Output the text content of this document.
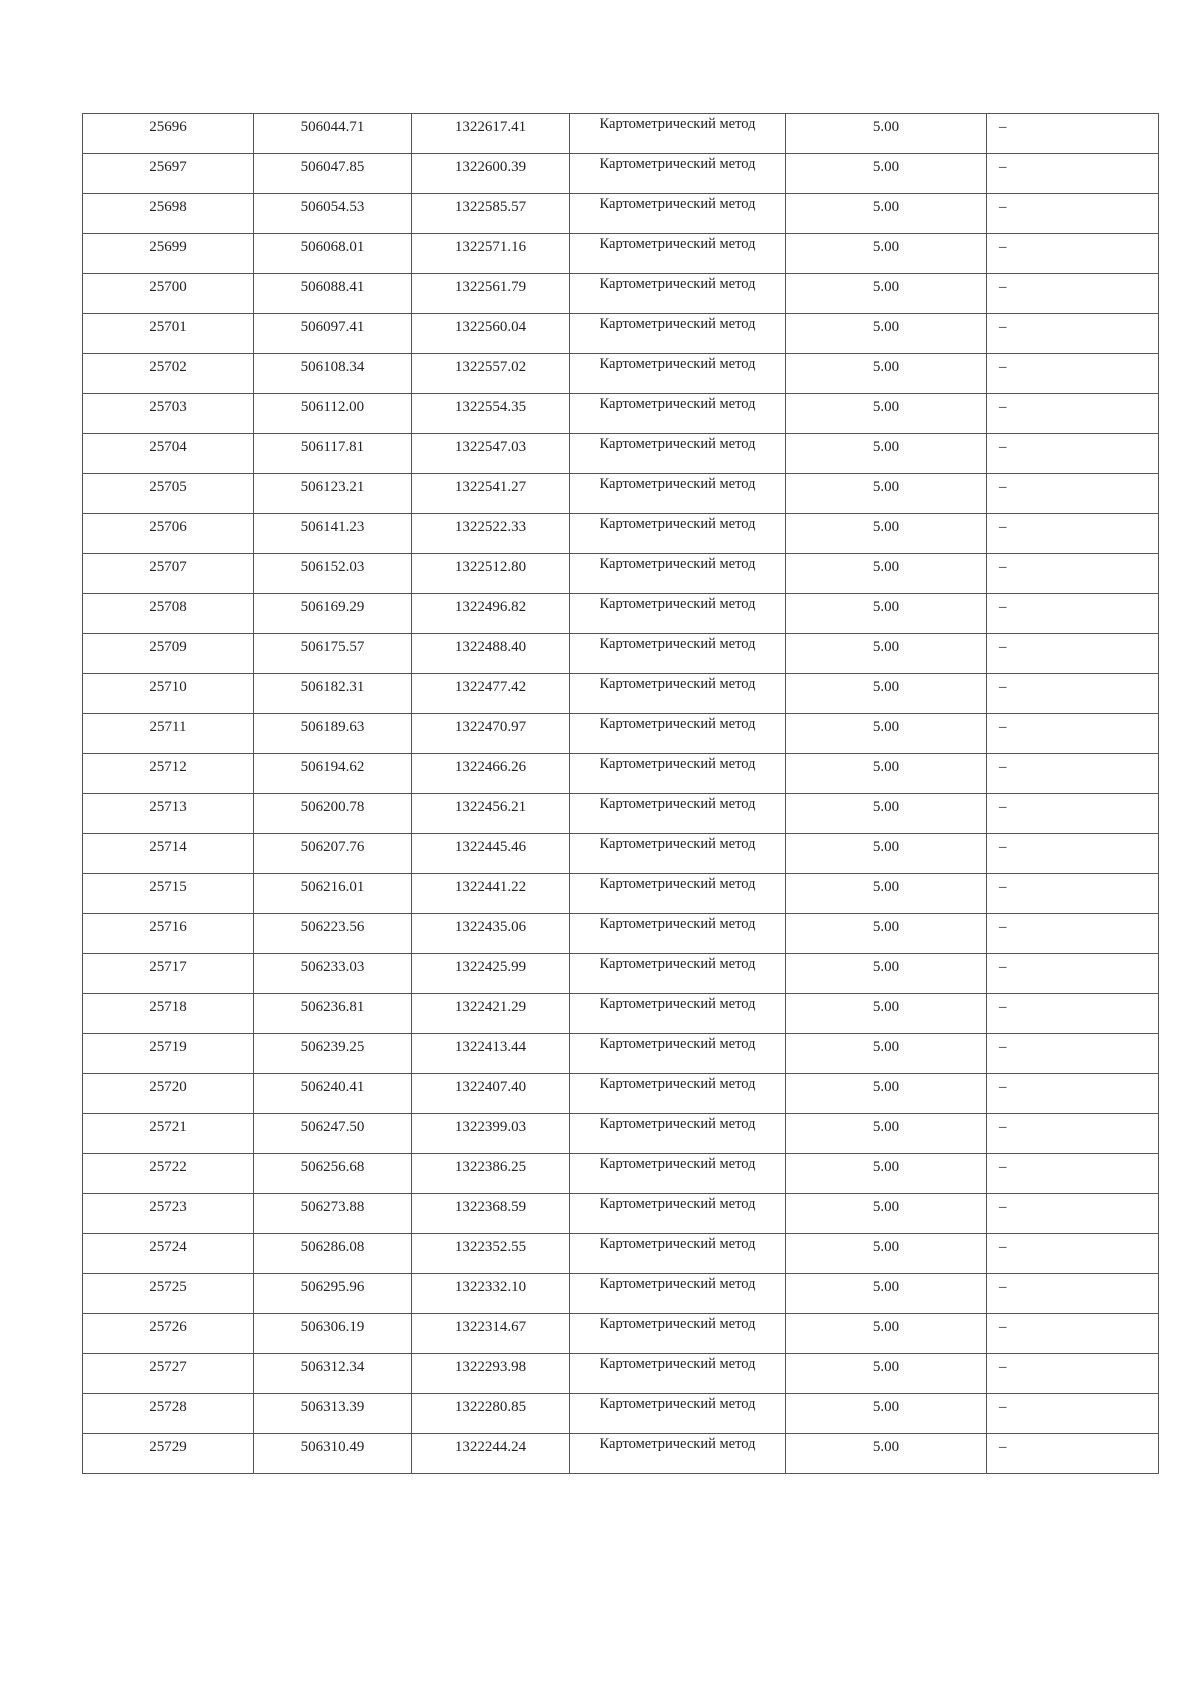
25696	506044.71	1322617.41	Картометрический метод	5.00	–
25697	506047.85	1322600.39	Картометрический метод	5.00	–
25698	506054.53	1322585.57	Картометрический метод	5.00	–
25699	506068.01	1322571.16	Картометрический метод	5.00	–
25700	506088.41	1322561.79	Картометрический метод	5.00	–
25701	506097.41	1322560.04	Картометрический метод	5.00	–
25702	506108.34	1322557.02	Картометрический метод	5.00	–
25703	506112.00	1322554.35	Картометрический метод	5.00	–
25704	506117.81	1322547.03	Картометрический метод	5.00	–
25705	506123.21	1322541.27	Картометрический метод	5.00	–
25706	506141.23	1322522.33	Картометрический метод	5.00	–
25707	506152.03	1322512.80	Картометрический метод	5.00	–
25708	506169.29	1322496.82	Картометрический метод	5.00	–
25709	506175.57	1322488.40	Картометрический метод	5.00	–
25710	506182.31	1322477.42	Картометрический метод	5.00	–
25711	506189.63	1322470.97	Картометрический метод	5.00	–
25712	506194.62	1322466.26	Картометрический метод	5.00	–
25713	506200.78	1322456.21	Картометрический метод	5.00	–
25714	506207.76	1322445.46	Картометрический метод	5.00	–
25715	506216.01	1322441.22	Картометрический метод	5.00	–
25716	506223.56	1322435.06	Картометрический метод	5.00	–
25717	506233.03	1322425.99	Картометрический метод	5.00	–
25718	506236.81	1322421.29	Картометрический метод	5.00	–
25719	506239.25	1322413.44	Картометрический метод	5.00	–
25720	506240.41	1322407.40	Картометрический метод	5.00	–
25721	506247.50	1322399.03	Картометрический метод	5.00	–
25722	506256.68	1322386.25	Картометрический метод	5.00	–
25723	506273.88	1322368.59	Картометрический метод	5.00	–
25724	506286.08	1322352.55	Картометрический метод	5.00	–
25725	506295.96	1322332.10	Картометрический метод	5.00	–
25726	506306.19	1322314.67	Картометрический метод	5.00	–
25727	506312.34	1322293.98	Картометрический метод	5.00	–
25728	506313.39	1322280.85	Картометрический метод	5.00	–
25729	506310.49	1322244.24	Картометрический метод	5.00	–
